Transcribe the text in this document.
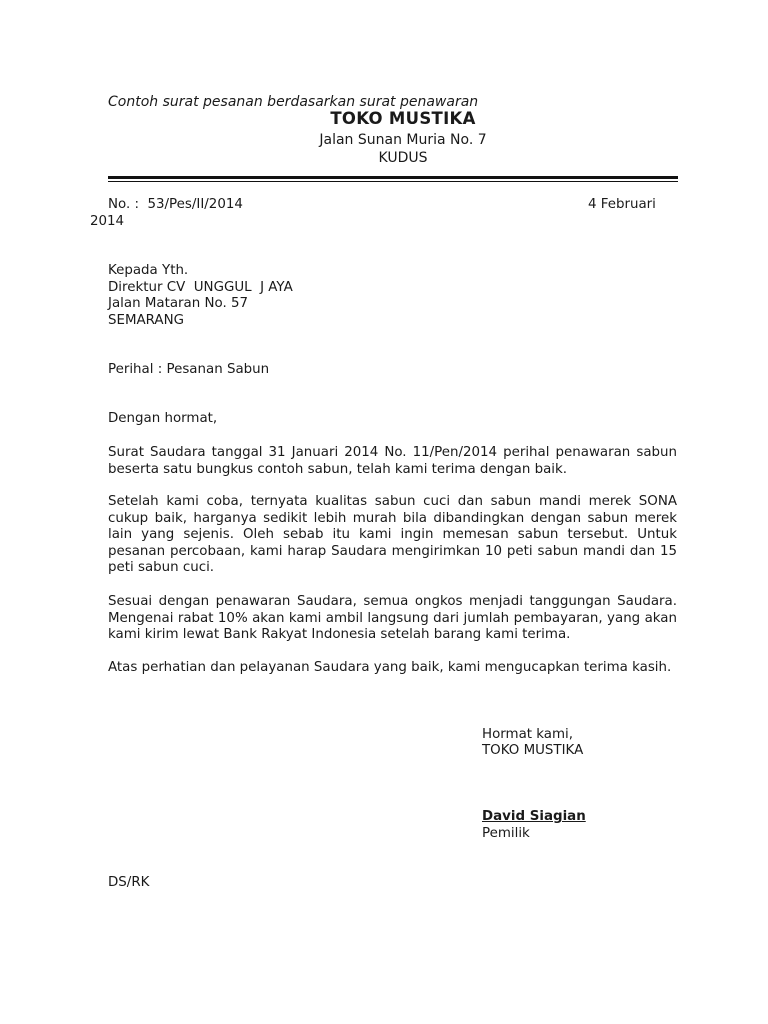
Contoh surat pesanan berdasarkan surat penawaran
TOKO MUSTIKA
Jalan Sunan Muria No. 7
KUDUS
No. :  53/Pes/II/2014	4 Februari
2014
Kepada Yth.
Direktur CV  UNGGUL  J AYA
Jalan Mataran No. 57
SEMARANG
Perihal : Pesanan Sabun
Dengan hormat,
Surat Saudara tanggal 31 Januari 2014 No. 11/Pen/2014 perihal penawaran sabun beserta satu bungkus contoh sabun, telah kami terima dengan baik.
Setelah kami coba, ternyata kualitas sabun cuci dan sabun mandi merek SONA cukup baik, harganya sedikit lebih murah bila dibandingkan dengan sabun merek lain yang sejenis. Oleh sebab itu kami ingin memesan sabun tersebut. Untuk pesanan percobaan, kami harap Saudara mengirimkan 10 peti sabun mandi dan 15 peti sabun cuci.
Sesuai dengan penawaran Saudara, semua ongkos menjadi tanggungan Saudara. Mengenai rabat 10% akan kami ambil langsung dari jumlah pembayaran, yang akan kami kirim lewat Bank Rakyat Indonesia setelah barang kami terima.
Atas perhatian dan pelayanan Saudara yang baik, kami mengucapkan terima kasih.
Hormat kami,
TOKO MUSTIKA
David Siagian
Pemilik
DS/RK
